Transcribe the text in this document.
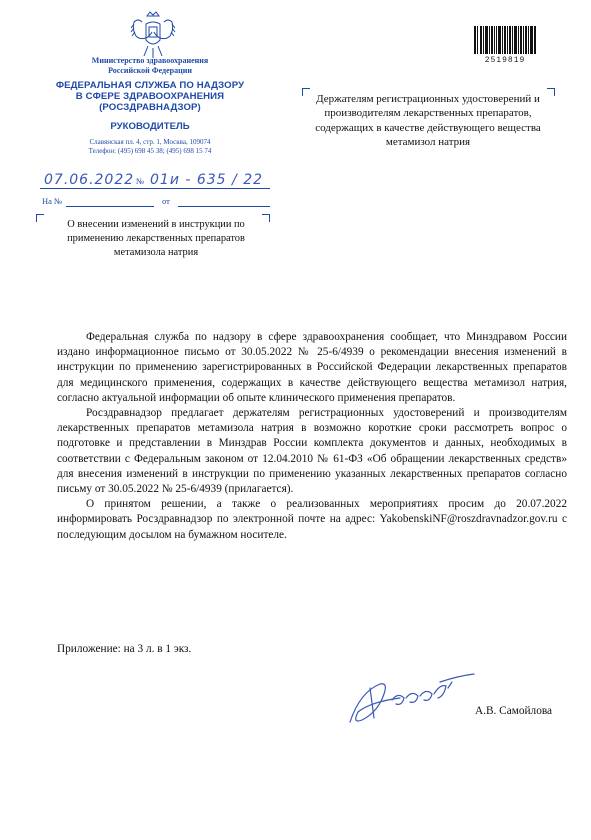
Министерство здравоохранения
Российской Федерации
ФЕДЕРАЛЬНАЯ СЛУЖБА ПО НАДЗОРУ
В СФЕРЕ ЗДРАВООХРАНЕНИЯ
(РОСЗДРАВНАДЗОР)
РУКОВОДИТЕЛЬ
Славянская пл. 4, стр. 1, Москва, 109074
Телефон: (495) 698 45 38; (495) 698 15 74
07.06.2022 № 01и - 635 / 22
На №	от
О внесении изменений в инструкции по применению лекарственных препаратов метамизола натрия
2519819
Держателям регистрационных удостоверений и производителям лекарственных препаратов, содержащих в качестве действующего вещества метамизол натрия

Федеральная служба по надзору в сфере здравоохранения сообщает, что Минздравом России издано информационное письмо от 30.05.2022 № 25-6/4939 о рекомендации внесения изменений в инструкции по применению зарегистрированных в Российской Федерации лекарственных препаратов для медицинского применения, содержащих в качестве действующего вещества метамизол натрия, согласно актуальной информации об опыте клинического применения препаратов.

Росздравнадзор предлагает держателям регистрационных удостоверений и производителям лекарственных препаратов метамизола натрия в возможно короткие сроки рассмотреть вопрос о подготовке и представлении в Минздрав России комплекта документов и данных, необходимых в соответствии с Федеральным законом от 12.04.2010 № 61-ФЗ «Об обращении лекарственных средств» для внесения изменений в инструкции по применению указанных лекарственных препаратов согласно письму от 30.05.2022 № 25-6/4939 (прилагается).

О принятом решении, а также о реализованных мероприятиях просим до 20.07.2022 информировать Росздравнадзор по электронной почте на адрес: YakobenskiNF@roszdravnadzor.gov.ru с последующим досылом на бумажном носителе.

Приложение: на 3 л. в 1 экз.
А.В. Самойлова
